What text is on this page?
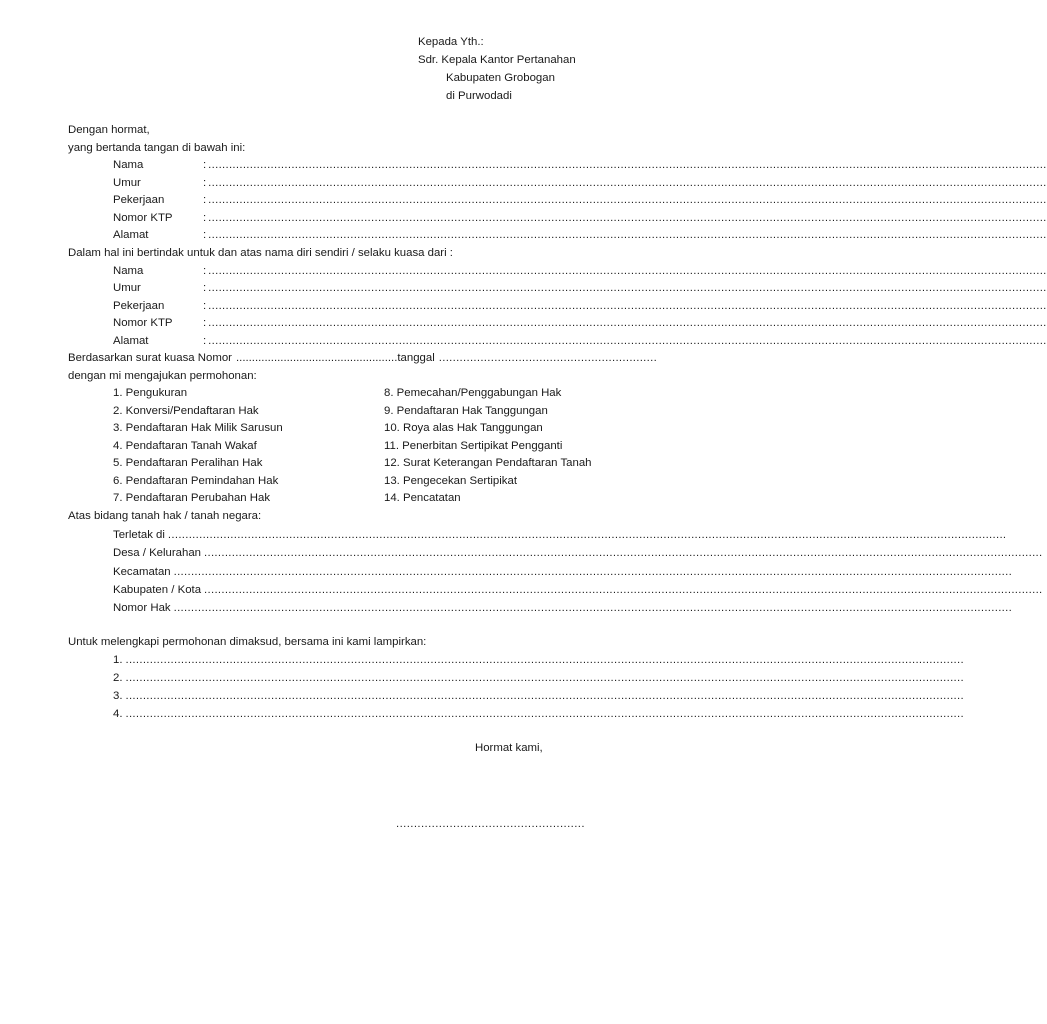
Kepada Yth.:
Sdr. Kepala Kantor Pertanahan
Kabupaten Grobogan
di Purwodadi
Dengan hormat,
yang bertanda tangan di bawah ini:
Nama	: ..................................................................................................................................................................................................................................................
Umur	: ..................................................................................................................................................................................................................................................
Pekerjaan	: ..................................................................................................................................................................................................................................................
Nomor KTP	: ..................................................................................................................................................................................................................................................
Alamat	: ..................................................................................................................................................................................................................................................
Dalam hal ini bertindak untuk dan atas nama diri sendiri / selaku kuasa dari :
Nama	: ..................................................................................................................................................................................................................................................
Umur	: ..................................................................................................................................................................................................................................................
Pekerjaan	: ..................................................................................................................................................................................................................................................
Nomor KTP	: ..................................................................................................................................................................................................................................................
Alamat	: ..................................................................................................................................................................................................................................................
Berdasarkan surat kuasa Nomor ................................................... tanggal ...............................................................
dengan mi mengajukan permohonan:
1. Pengukuran
2. Konversi/Pendaftaran Hak
3. Pendaftaran Hak Milik Sarusun
4. Pendaftaran Tanah Wakaf
5. Pendaftaran Peralihan Hak
6. Pendaftaran Pemindahan Hak
7. Pendaftaran Perubahan Hak
8. Pemecahan/Penggabungan Hak
9. Pendaftaran Hak Tanggungan
10. Roya alas Hak Tanggungan
11. Penerbitan Sertipikat Pengganti
12. Surat Keterangan Pendaftaran Tanah
13. Pengecekan Sertipikat
14. Pencatatan
Atas bidang tanah hak / tanah negara:
Terletak di ..................................................................................................................................................................................................................................................
Desa / Kelurahan ..................................................................................................................................................................................................................................................
Kecamatan ..................................................................................................................................................................................................................................................
Kabupaten / Kota ..................................................................................................................................................................................................................................................
Nomor Hak ..................................................................................................................................................................................................................................................
Untuk melengkapi permohonan dimaksud, bersama ini kami lampirkan:
1. ..................................................................................................................................................................................................................................................
2. ..................................................................................................................................................................................................................................................
3. ..................................................................................................................................................................................................................................................
4. ..................................................................................................................................................................................................................................................
Hormat kami,
.....................................................
